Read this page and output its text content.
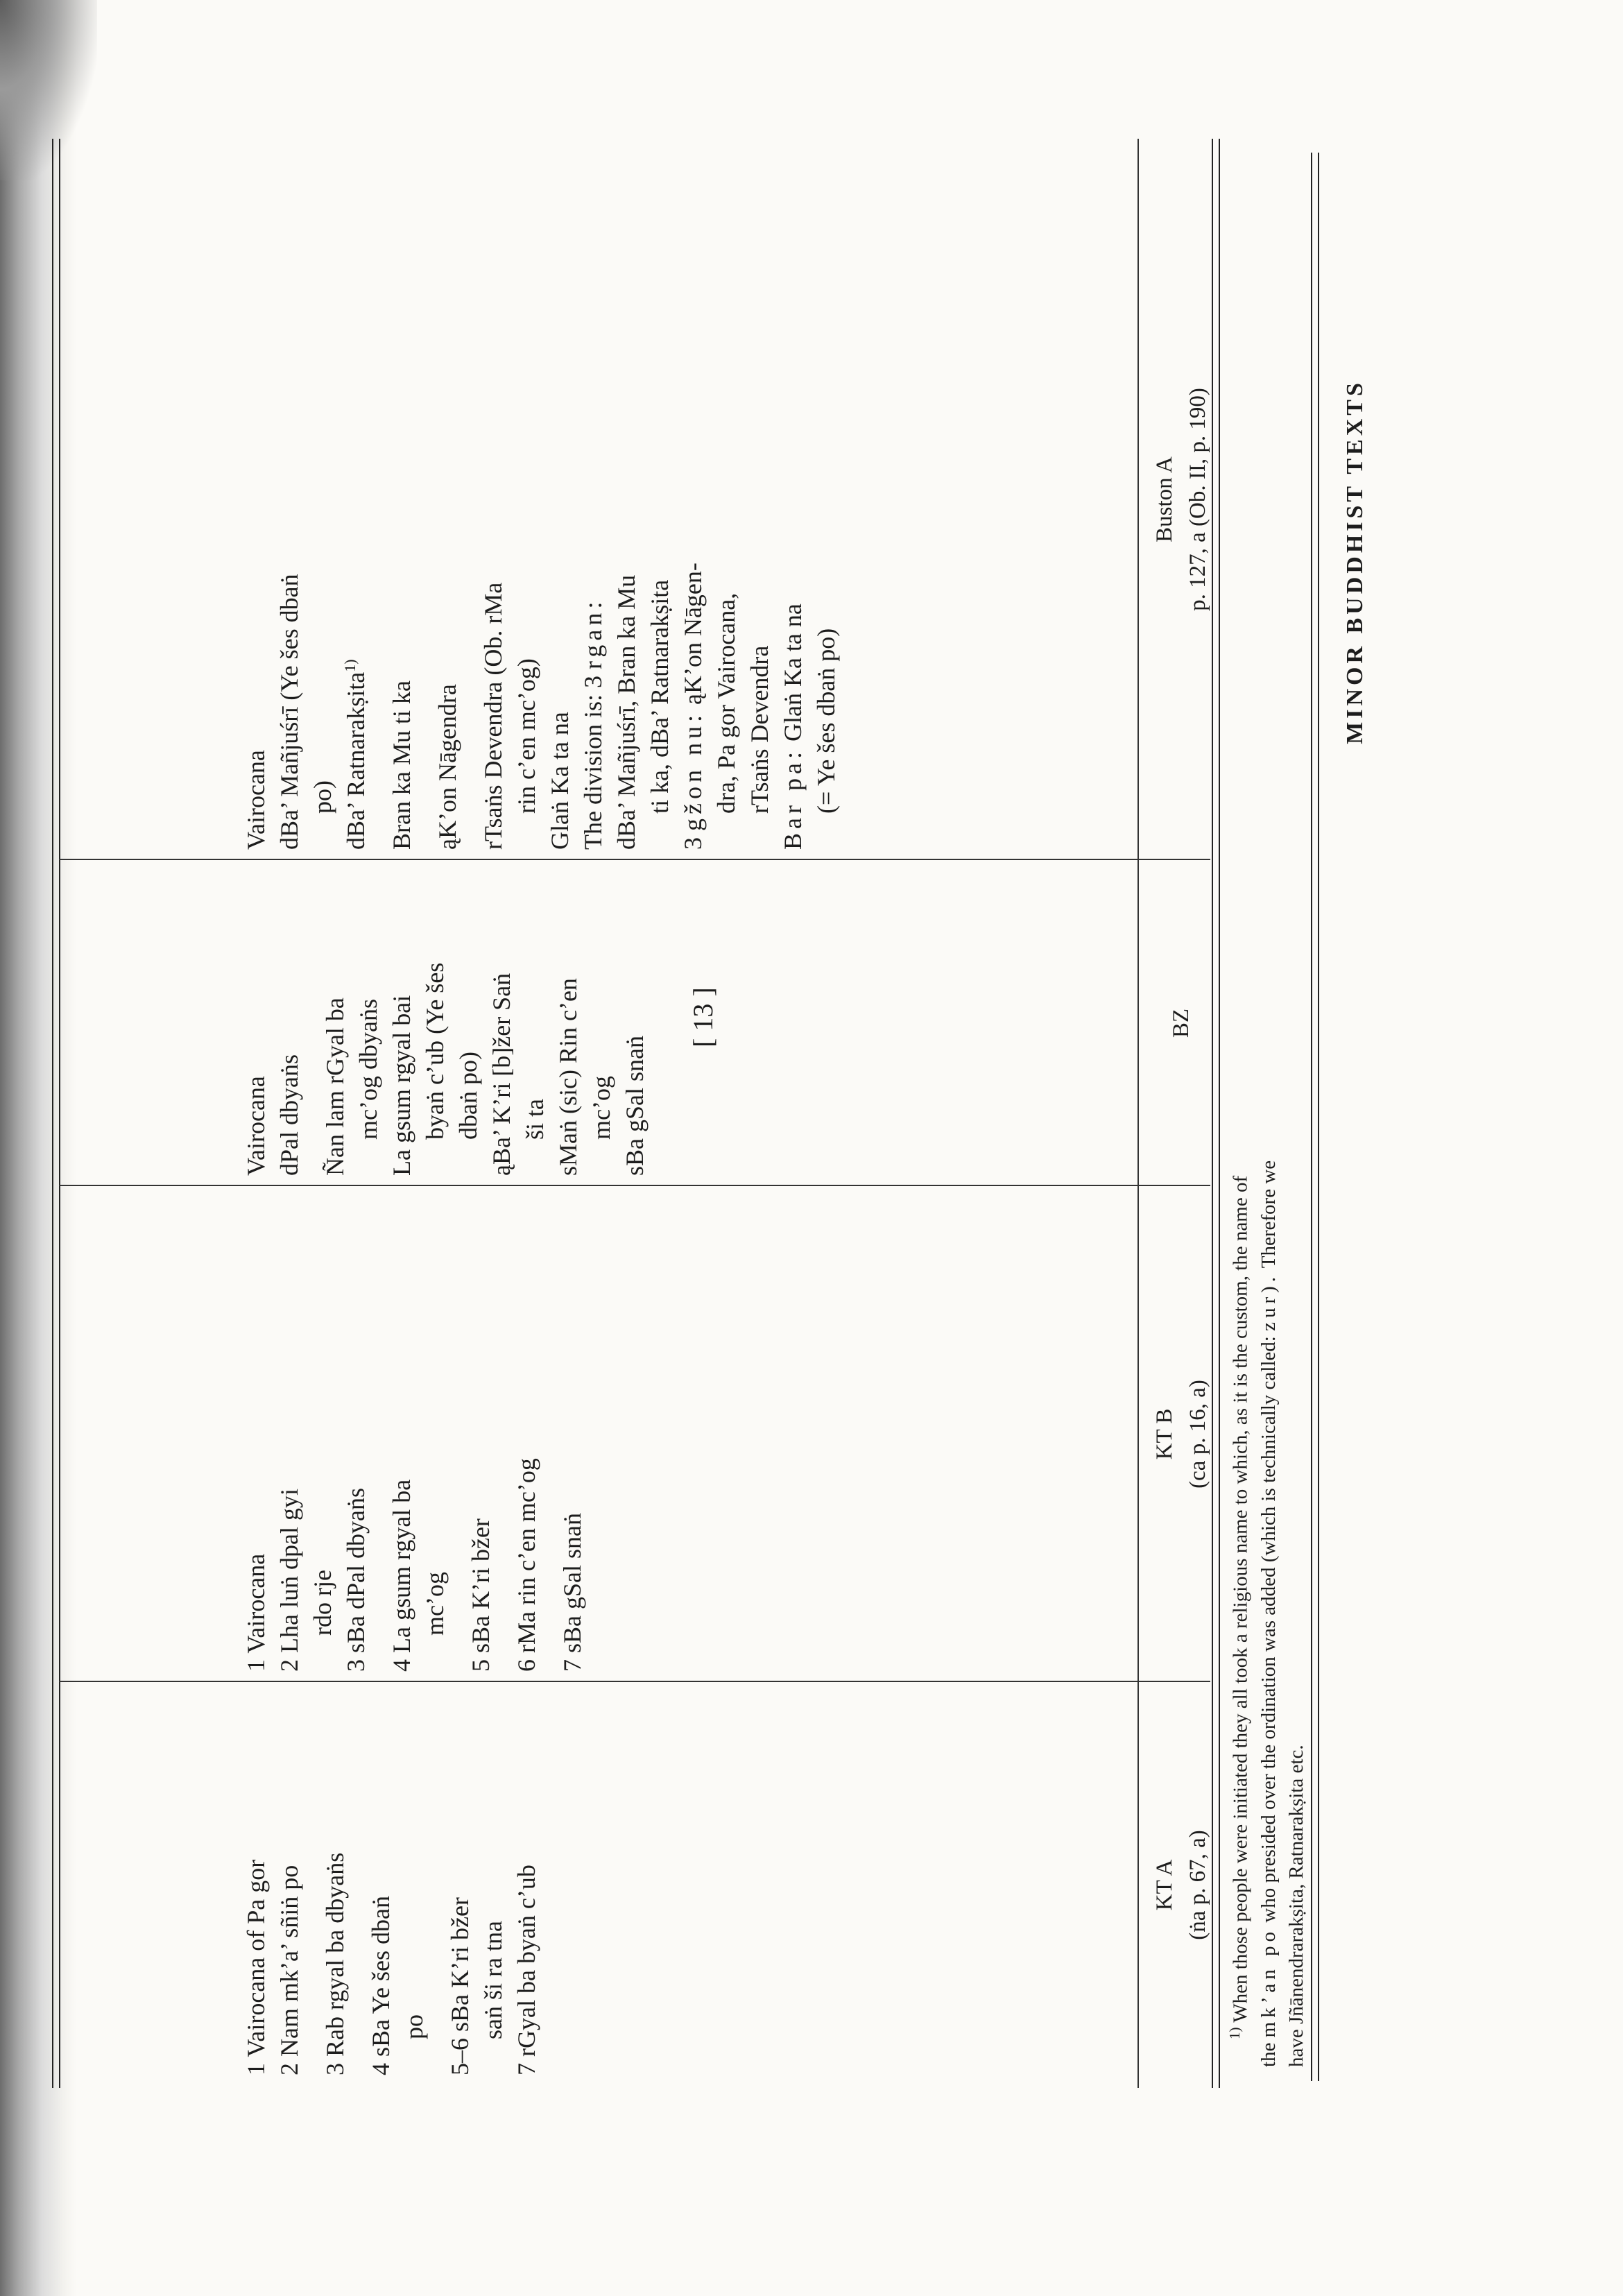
MINOR BUDDHIST TEXTS
[ 13 ]
KT A (ṅa p. 67, a)
KT B (ca p. 16, a)
BZ
Buston A p. 127, a (Ob. II, p. 190)
1 Vairocana of Pa gor 2 Nam mk’a’ sñiṅ po 3 Rab rgyal ba dbyaṅs 4 sBa Ye šes dbaṅ po 5–6 sBa K’ri bžer saṅ ši ra tna 7 rGyal ba byaṅ c’ub
1 Vairocana 2 Lha luṅ dpal gyi rdo rje 3 sBa dPal dbyaṅs 4 La gsum rgyal ba mc’og 5 sBa K’ri bžer 6 rMa rin c’en mc’og 7 sBa gSal snaṅ
Vairocana dPal dbyaṅs Ñan lam rGyal ba mc’og dbyaṅs La gsum rgyal bai byaṅ c’ub (Ye šes dbaṅ po) ąBa’ K’ri [b]žer Saṅ ši ta sMaṅ (sic) Rin c’en mc’og sBa gSal snaṅ
Vairocana dBa’ Mañjuśrī (Ye šes dbaṅ po) dBa’ Ratnarakṣita$^{1)}$
Bran ka Mu ti ka ąK’on Nāgendra rTsaṅs Devendra (Ob. rMa rin c’en mc’og) Glaṅ Ka ta na The division is: 3 rgan: dBa’ Mañjuśrī, Bran ka Mu ti ka, dBa’ Ratnarakṣita
3 gžon nu: ąK’on Nāgen- dra, Pa gor Vairocana, rTsaṅs Devendra Bar pa: Glaṅ Ka ta na (= Ye šes dbaṅ po)
$^{1)}$ When those people were initiated they all took a religious name to which, as it is the custom, the name of
the mk’an po who presided over the ordination was added (which is technically called: zur). Therefore we
have Jñānendrarakṣita, Ratnarakṣita etc.
